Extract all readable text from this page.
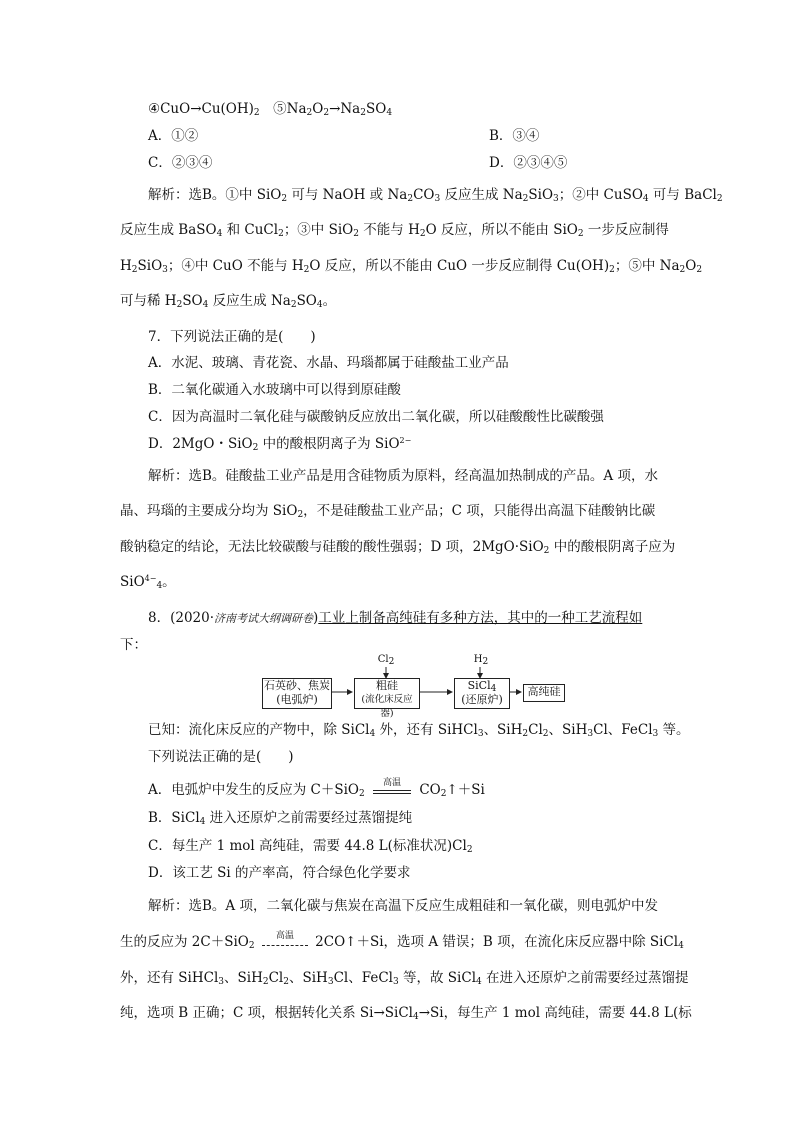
$④CuO\to Cu(OH)_2$　$⑤Na_2O_2\to Na_2SO_4$
A．①②	B．③④
C．②③④	D．②③④⑤
解析：选B。①中 SiO$_2$ 可与 NaOH 或 $Na_2CO_3$ 反应生成 $Na_2SiO_3$；②中 CuSO$_4$ 可与 BaCl$_2$
反应生成 BaSO$_4$ 和 CuCl$_2$；③中 SiO$_2$ 不能与 $H_2O$ 反应，所以不能由 SiO$_2$ 一步反应制得
$H_2SiO_3$；④中 CuO 不能与 $H_2O$ 反应，所以不能由 CuO 一步反应制得 $Cu(OH)_2$；⑤中 $Na_2O_2$
可与稀 $H_2SO_4$ 反应生成 $Na_2SO_4$。
7．下列说法正确的是(　　)
A．水泥、玻璃、青花瓷、水晶、玛瑙都属于硅酸盐工业产品
B．二氧化碳通入水玻璃中可以得到原硅酸
C．因为高温时二氧化硅与碳酸钠反应放出二氧化碳，所以硅酸酸性比碳酸强
D．2MgO・SiO$_2$ 中的酸根阴离子为 SiO$^{2-}$
解析：选B。硅酸盐工业产品是用含硅物质为原料，经高温加热制成的产品。A 项，水
晶、玛瑙的主要成分均为 SiO$_2$，不是硅酸盐工业产品；C 项，只能得出高温下硅酸钠比碳
酸钠稳定的结论，无法比较碳酸与硅酸的酸性强弱；D 项，2MgO·SiO$_2$ 中的酸根阴离子应为
SiO$^{4-}_4$。
8．(2020·济南考试大纲调研卷)工业上制备高纯硅有多种方法，其中的一种工艺流程如
下：
$Cl_2$	$H_2$
石英砂、焦炭
(电弧炉)
粗硅
(流化床反应器)
SiCl$_4$
(还原炉)
高纯硅
已知：流化床反应的产物中，除 SiCl$_4$ 外，还有 SiHCl$_3$、$SiH_2Cl_2$、SiH$_3$Cl、FeCl$_3$ 等。
下列说法正确的是(　　)
A．电弧炉中发生的反应为 C＋SiO$_2$
高温	$CO_2↑+Si$
B．SiCl$_4$ 进入还原炉之前需要经过蒸馏提纯
C．每生产 1 mol 高纯硅，需要 44.8 L(标准状况)$Cl_2$
D．该工艺 Si 的产率高，符合绿色化学要求
解析：选B。A 项，二氧化碳与焦炭在高温下反应生成粗硅和一氧化碳，则电弧炉中发
生的反应为 2C＋SiO$_2$
高温	2CO↑＋Si，选项 A 错误；B 项，在流化床反应器中除 SiCl$_4$
外，还有 SiHCl$_3$、$SiH_2Cl_2$、SiH$_3$Cl、FeCl$_3$ 等，故 SiCl$_4$ 在进入还原炉之前需要经过蒸馏提
纯，选项 B 正确；C 项，根据转化关系 Si→SiCl$_4$→Si，每生产 1 mol 高纯硅，需要 44.8 L(标
